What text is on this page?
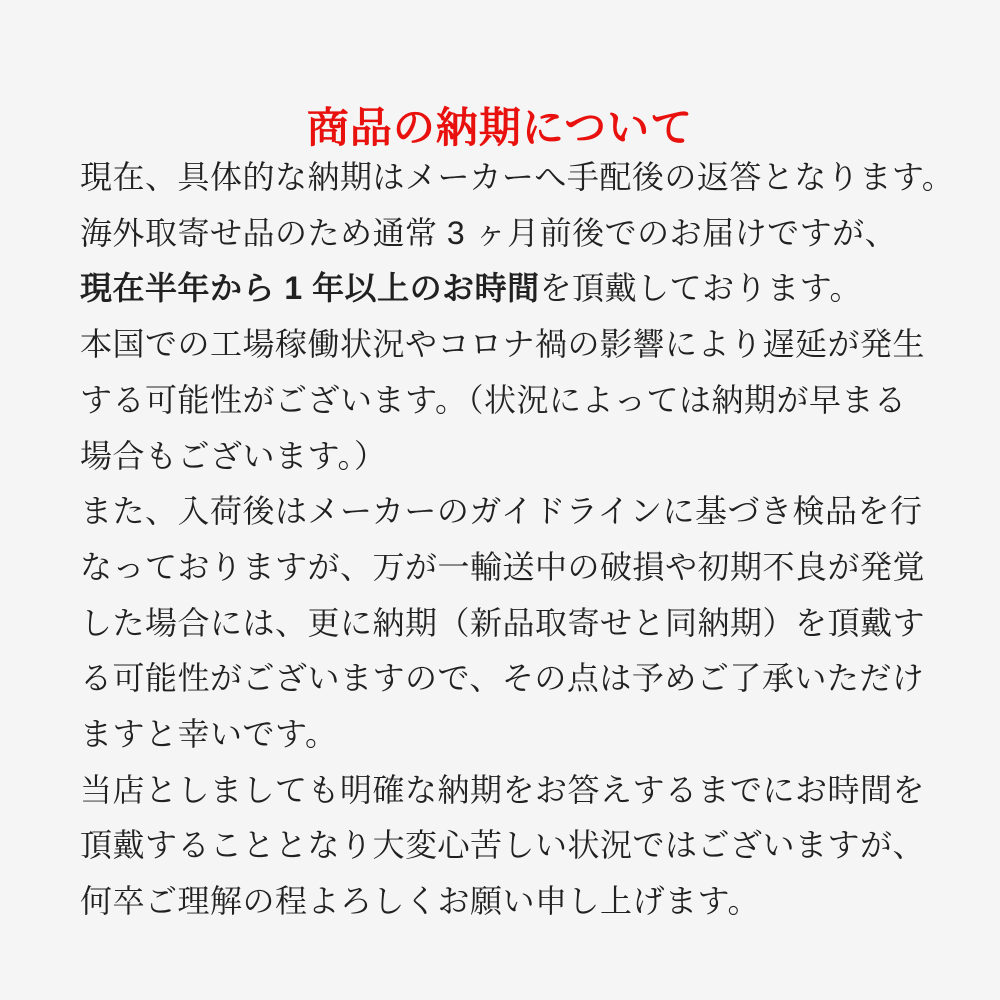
商品の納期について
現在、具体的な納期はメーカーへ手配後の返答となります。
海外取寄せ品のため通常 3 ヶ月前後でのお届けですが、
現在半年から 1 年以上のお時間を頂戴しております。
本国での工場稼働状況やコロナ禍の影響により遅延が発生
する可能性がございます。（状況によっては納期が早まる
場合もございます。）
また、入荷後はメーカーのガイドラインに基づき検品を行
なっておりますが、万が一輸送中の破損や初期不良が発覚
した場合には、更に納期（新品取寄せと同納期）を頂戴す
る可能性がございますので、その点は予めご了承いただけ
ますと幸いです。
当店としましても明確な納期をお答えするまでにお時間を
頂戴することとなり大変心苦しい状況ではございますが、
何卒ご理解の程よろしくお願い申し上げます。
